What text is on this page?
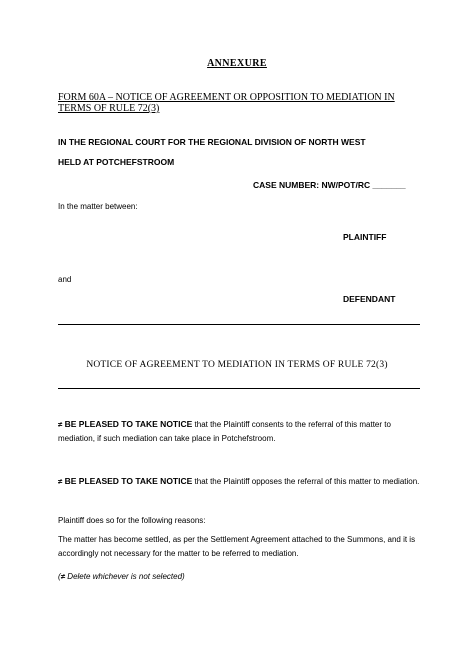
ANNEXURE
FORM 60A – NOTICE OF AGREEMENT OR OPPOSITION TO MEDIATION IN TERMS OF RULE 72(3)
IN THE REGIONAL COURT FOR THE REGIONAL DIVISION OF NORTH WEST
HELD AT POTCHEFSTROOM
CASE NUMBER: NW/POT/RC _______
In the matter between:
PLAINTIFF
and
DEFENDANT
NOTICE OF AGREEMENT TO MEDIATION IN TERMS OF RULE 72(3)
≠ BE PLEASED TO TAKE NOTICE that the Plaintiff consents to the referral of this matter to mediation, if such mediation can take place in Potchefstroom.
≠ BE PLEASED TO TAKE NOTICE that the Plaintiff opposes the referral of this matter to mediation.
Plaintiff does so for the following reasons:
The matter has become settled, as per the Settlement Agreement attached to the Summons, and it is accordingly not necessary for the matter to be referred to mediation.
(≠ Delete whichever is not selected)
